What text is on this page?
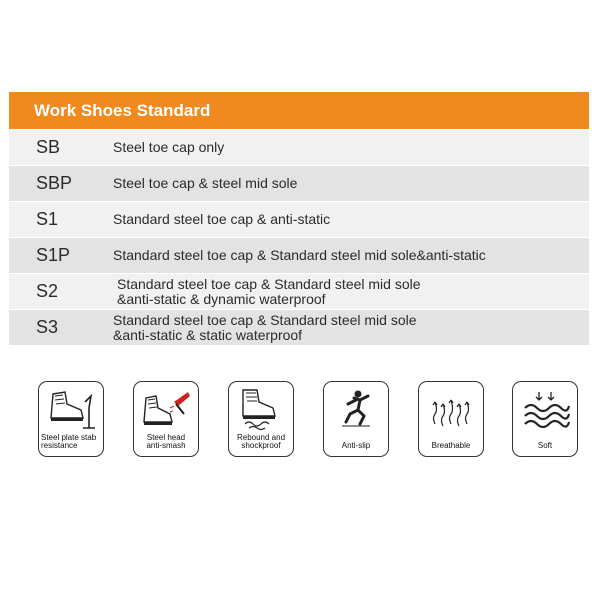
Work Shoes Standard
SB	Steel toe cap only
SBP	Steel toe cap & steel mid sole
S1	Standard steel toe cap & anti-static
S1P	Standard steel toe cap & Standard steel mid sole&anti-static
S2	Standard steel toe cap & Standard steel mid sole
&anti-static & dynamic waterproof
S3	Standard steel toe cap & Standard steel mid sole
&anti-static & static waterproof
Steel plate stab
resistance
Steel head
anti-smash
Rebound and
shockproof	Anti-slip	Breathable	Soft
